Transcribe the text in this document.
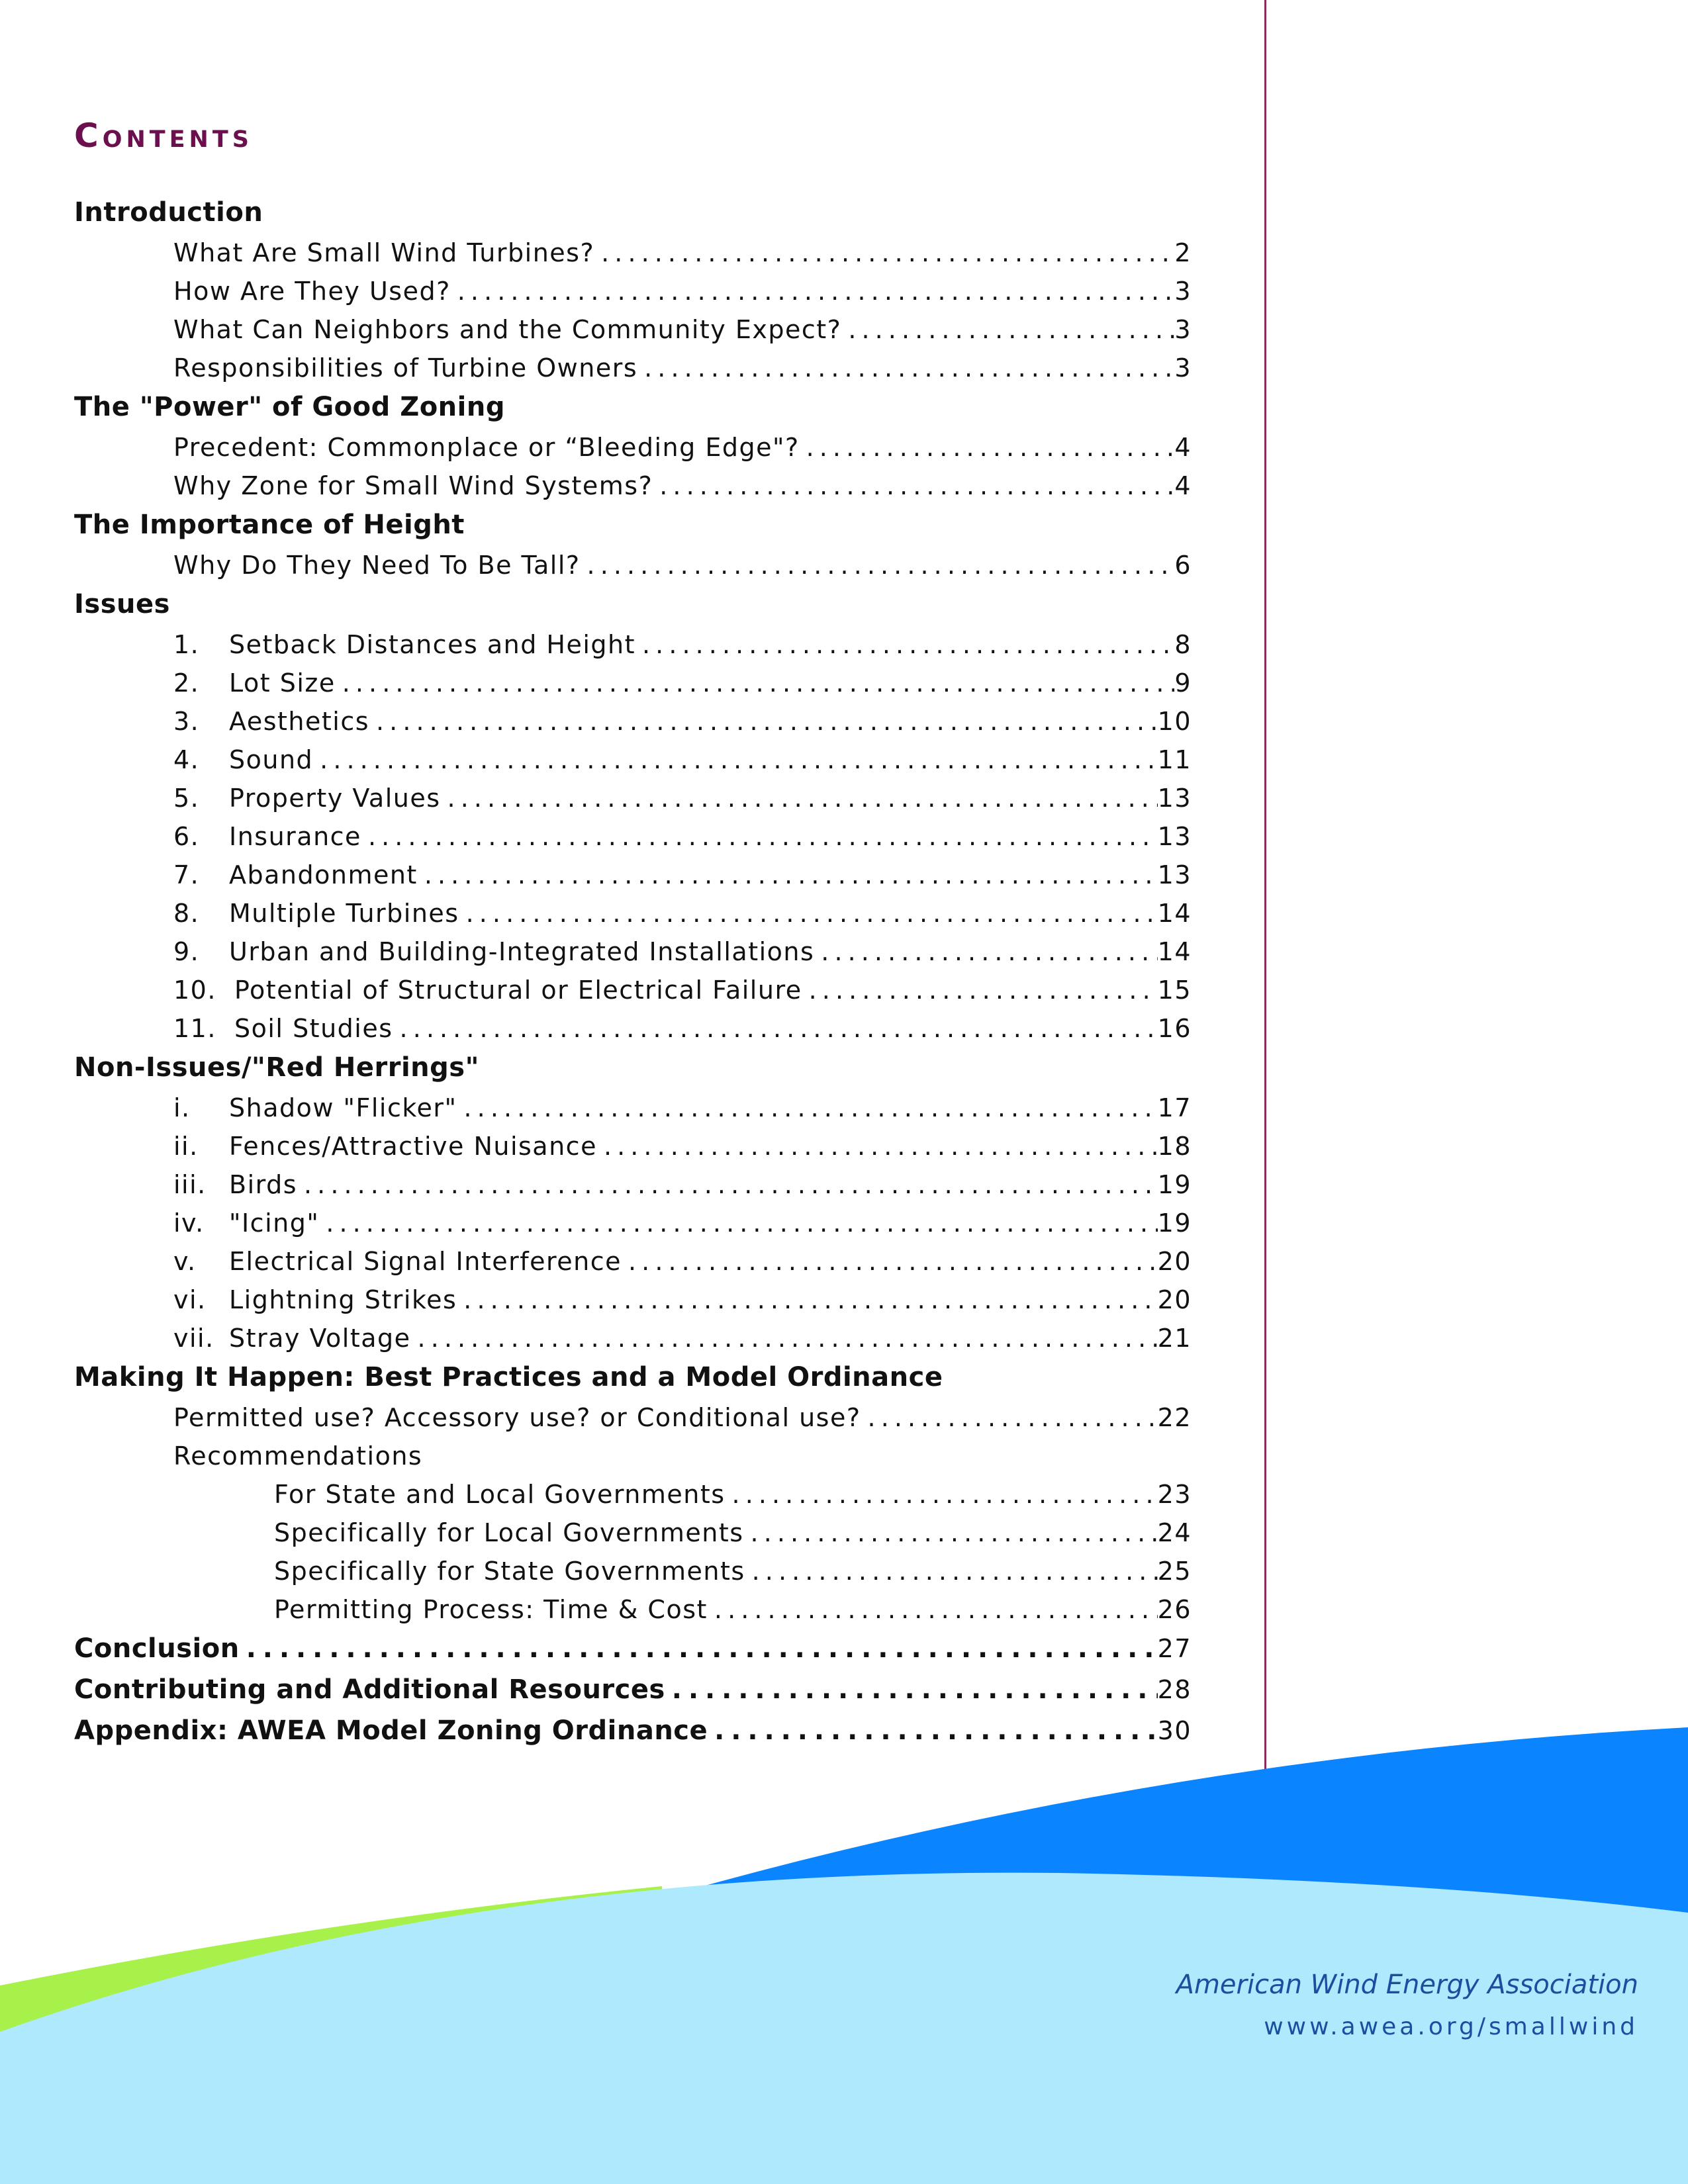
Contents
Introduction
What Are Small Wind Turbines? . . .	2
How Are They Used? . . .	3
What Can Neighbors and the Community Expect? . . .	3
Responsibilities of Turbine Owners . . .	3
The "Power" of Good Zoning
Precedent: Commonplace or “Bleeding Edge"? . . .	4
Why Zone for Small Wind Systems? . . .	4
The Importance of Height
Why Do They Need To Be Tall? . . .	6
Issues
1. Setback Distances and Height . . .	8
2. Lot Size . . .	9
3. Aesthetics . . .	10
4. Sound . . .	11
5. Property Values . . .	13
6. Insurance . . .	13
7. Abandonment . . .	13
8. Multiple Turbines . . .	14
9. Urban and Building-Integrated Installations . . .	14
10. Potential of Structural or Electrical Failure . . .	15
11. Soil Studies . . .	16
Non-Issues/"Red Herrings"
i. Shadow "Flicker" . . .	17
ii. Fences/Attractive Nuisance . . .	18
iii. Birds . . .	19
iv. "Icing" . . .	19
v. Electrical Signal Interference . . .	20
vi. Lightning Strikes . . .	20
vii. Stray Voltage . . .	21
Making It Happen: Best Practices and a Model Ordinance
Permitted use? Accessory use? or Conditional use? . . .	22
Recommendations
For State and Local Governments . . .	23
Specifically for Local Governments . . .	24
Specifically for State Governments . . .	25
Permitting Process: Time & Cost . . .	26
Conclusion . . .	27
Contributing and Additional Resources . . .	28
Appendix: AWEA Model Zoning Ordinance . . .	30
American Wind Energy Association
www.awea.org/smallwind
